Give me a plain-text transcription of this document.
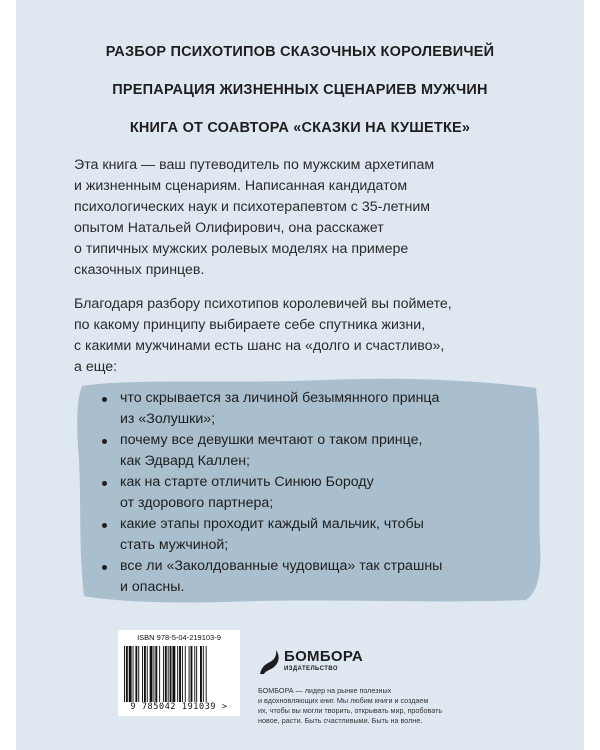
РАЗБОР ПСИХОТИПОВ СКАЗОЧНЫХ КОРОЛЕВИЧЕЙ
ПРЕПАРАЦИЯ ЖИЗНЕННЫХ СЦЕНАРИЕВ МУЖЧИН
КНИГА ОТ СОАВТОРА «СКАЗКИ НА КУШЕТКЕ»
Эта книга — ваш путеводитель по мужским архетипам
и жизненным сценариям. Написанная кандидатом
психологических наук и психотерапевтом с 35-летним
опытом Натальей Олифирович, она расскажет
о типичных мужских ролевых моделях на примере
сказочных принцев.
Благодаря разбору психотипов королевичей вы поймете,
по какому принципу выбираете себе спутника жизни,
с какими мужчинами есть шанс на «долго и счастливо»,
а еще:
что скрывается за личиной безымянного принца
из «Золушки»;
почему все девушки мечтают о таком принце,
как Эдвард Каллен;
как на старте отличить Синюю Бороду
от здорового партнера;
какие этапы проходит каждый мальчик, чтобы
стать мужчиной;
все ли «Заколдованные чудовища» так страшны
и опасны.
ISBN 978-5-04-219103-9
9 785042 191039 >
БОМБОРА
ИЗДАТЕЛЬСТВО
БОМБОРА — лидер на рынке полезных
и вдохновляющих книг. Мы любим книги и создаем
их, чтобы вы могли творить, открывать мир, пробовать
новое, расти. Быть счастливыми. Быть на волне.
